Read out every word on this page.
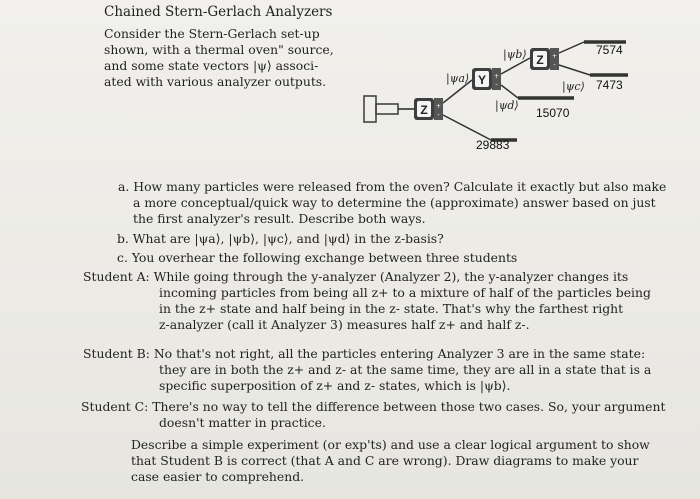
Chained Stern-Gerlach Analyzers
Consider the Stern-Gerlach set-up
shown, with a thermal oven" source,
and some state vectors |ψ⟩ associ-
ated with various analyzer outputs.
Z +
-
Y +
-
Z +
-
|ψa⟩
|ψb⟩
|ψc⟩
|ψd⟩
7574
7473
15070
29883
a. How many particles were released from the oven? Calculate it exactly but also make
a more conceptual/quick way to determine the (approximate) answer based on just
the first analyzer's result. Describe both ways.
b. What are |ψa⟩, |ψb⟩, |ψc⟩, and |ψd⟩ in the z-basis?
c. You overhear the following exchange between three students
Student A: While going through the y-analyzer (Analyzer 2), the y-analyzer changes its
incoming particles from being all z+ to a mixture of half of the particles being
in the z+ state and half being in the z- state. That's why the farthest right
z-analyzer (call it Analyzer 3) measures half z+ and half z-.
Student B: No that's not right, all the particles entering Analyzer 3 are in the same state:
they are in both the z+ and z- at the same time, they are all in a state that is a
specific superposition of z+ and z- states, which is |ψb⟩.
Student C: There's no way to tell the difference between those two cases. So, your argument
doesn't matter in practice.
Describe a simple experiment (or exp'ts) and use a clear logical argument to show
that Student B is correct (that A and C are wrong). Draw diagrams to make your
case easier to comprehend.
